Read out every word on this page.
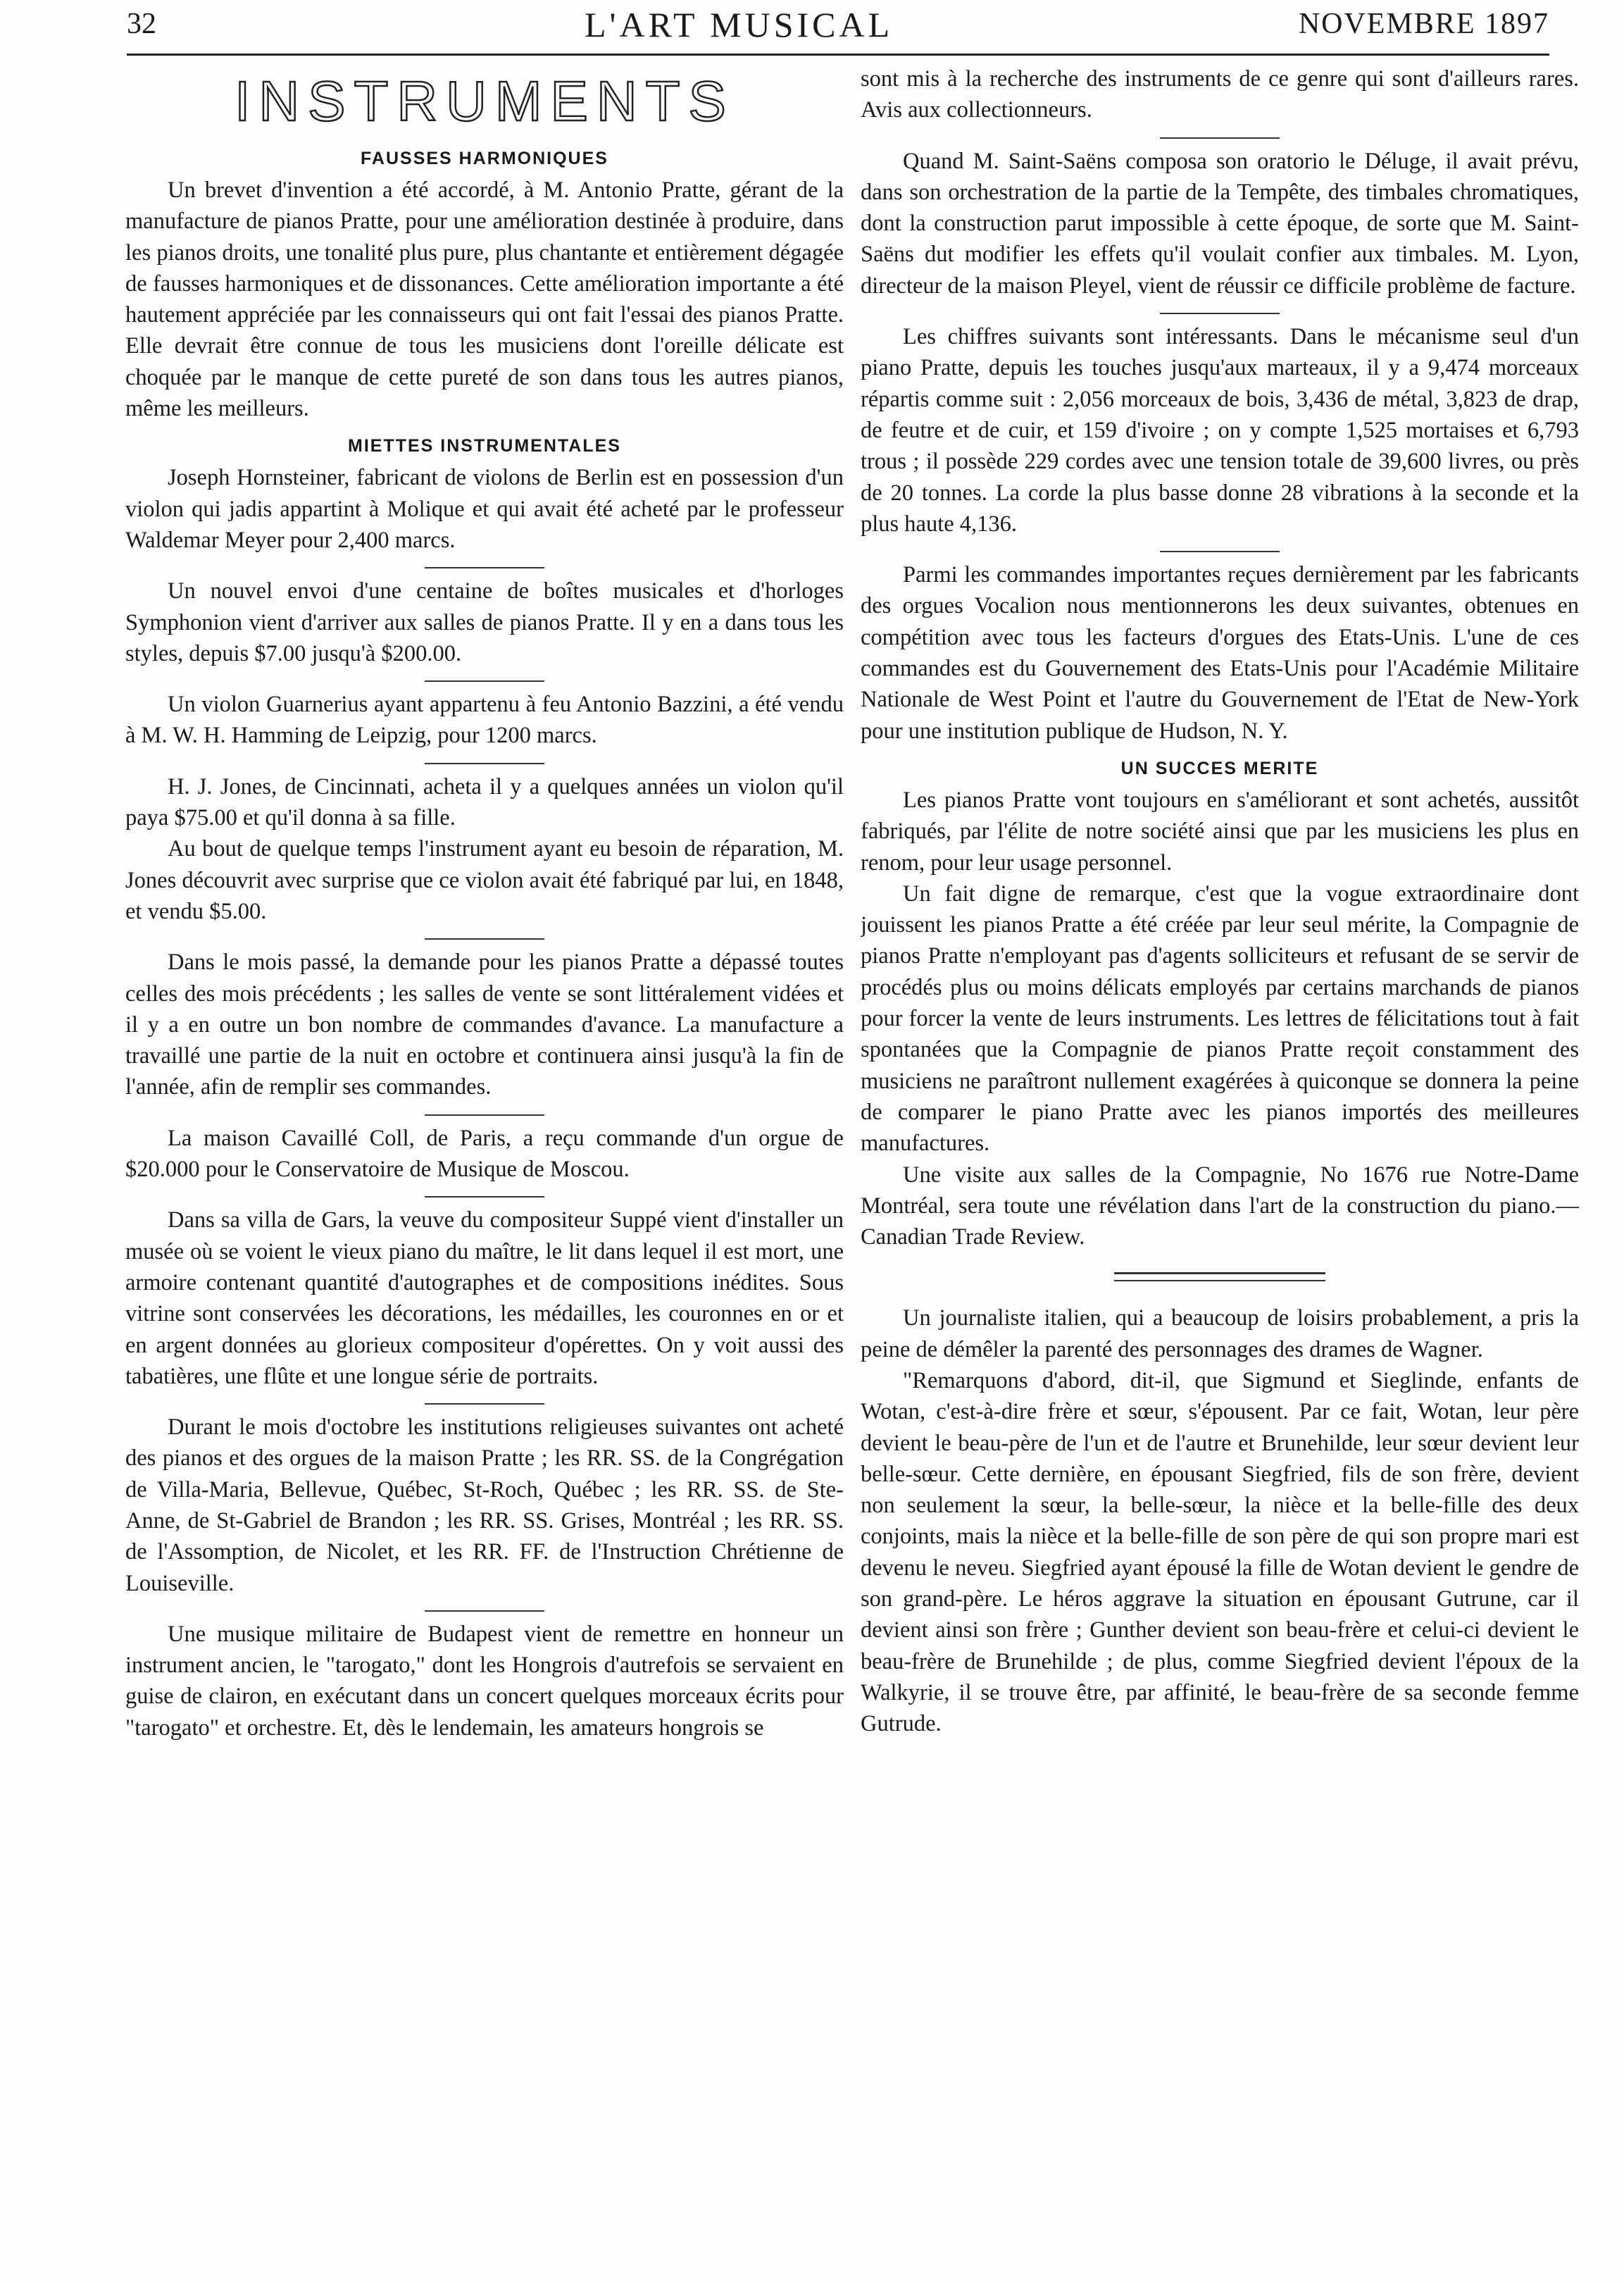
32	L'ART MUSICAL	NOVEMBRE 1897
INSTRUMENTS
FAUSSES HARMONIQUES

Un brevet d'invention a été accordé, à M. Antonio Pratte, gérant de la manufacture de pianos Pratte, pour une amélioration destinée à produire, dans les pianos droits, une tonalité plus pure, plus chantante et entièrement dégagée de fausses harmoniques et de dissonances. Cette amélioration importante a été hautement appréciée par les connaisseurs qui ont fait l'essai des pianos Pratte. Elle devrait être connue de tous les musiciens dont l'oreille délicate est choquée par le manque de cette pureté de son dans tous les autres pianos, même les meilleurs.

MIETTES INSTRUMENTALES

Joseph Hornsteiner, fabricant de violons de Berlin est en possession d'un violon qui jadis appartint à Molique et qui avait été acheté par le professeur Waldemar Meyer pour 2,400 marcs.

Un nouvel envoi d'une centaine de boîtes musicales et d'horloges Symphonion vient d'arriver aux salles de pianos Pratte. Il y en a dans tous les styles, depuis $7.00 jusqu'à $200.00.

Un violon Guarnerius ayant appartenu à feu Antonio Bazzini, a été vendu à M. W. H. Hamming de Leipzig, pour 1200 marcs.

H. J. Jones, de Cincinnati, acheta il y a quelques années un violon qu'il paya $75.00 et qu'il donna à sa fille.

Au bout de quelque temps l'instrument ayant eu besoin de réparation, M. Jones découvrit avec surprise que ce violon avait été fabriqué par lui, en 1848, et vendu $5.00.

Dans le mois passé, la demande pour les pianos Pratte a dépassé toutes celles des mois précédents ; les salles de vente se sont littéralement vidées et il y a en outre un bon nombre de commandes d'avance. La manufacture a travaillé une partie de la nuit en octobre et continuera ainsi jusqu'à la fin de l'année, afin de remplir ses commandes.

La maison Cavaillé Coll, de Paris, a reçu commande d'un orgue de $20.000 pour le Conservatoire de Musique de Moscou.

Dans sa villa de Gars, la veuve du compositeur Suppé vient d'installer un musée où se voient le vieux piano du maître, le lit dans lequel il est mort, une armoire contenant quantité d'autographes et de compositions inédites. Sous vitrine sont conservées les décorations, les médailles, les couronnes en or et en argent données au glorieux compositeur d'opérettes. On y voit aussi des tabatières, une flûte et une longue série de portraits.

Durant le mois d'octobre les institutions religieuses suivantes ont acheté des pianos et des orgues de la maison Pratte ; les RR. SS. de la Congrégation de Villa-Maria, Bellevue, Québec, St-Roch, Québec ; les RR. SS. de Ste-Anne, de St-Gabriel de Brandon ; les RR. SS. Grises, Montréal ; les RR. SS. de l'Assomption, de Nicolet, et les RR. FF. de l'Instruction Chrétienne de Louiseville.

Une musique militaire de Budapest vient de remettre en honneur un instrument ancien, le "tarogato," dont les Hongrois d'autrefois se servaient en guise de clairon, en exécutant dans un concert quelques morceaux écrits pour "tarogato" et orchestre. Et, dès le lendemain, les amateurs hongrois se

sont mis à la recherche des instruments de ce genre qui sont d'ailleurs rares. Avis aux collectionneurs.

Quand M. Saint-Saëns composa son oratorio le Déluge, il avait prévu, dans son orchestration de la partie de la Tempête, des timbales chromatiques, dont la construction parut impossible à cette époque, de sorte que M. Saint-Saëns dut modifier les effets qu'il voulait confier aux timbales. M. Lyon, directeur de la maison Pleyel, vient de réussir ce difficile problème de facture.

Les chiffres suivants sont intéressants. Dans le mécanisme seul d'un piano Pratte, depuis les touches jusqu'aux marteaux, il y a 9,474 morceaux répartis comme suit : 2,056 morceaux de bois, 3,436 de métal, 3,823 de drap, de feutre et de cuir, et 159 d'ivoire ; on y compte 1,525 mortaises et 6,793 trous ; il possède 229 cordes avec une tension totale de 39,600 livres, ou près de 20 tonnes. La corde la plus basse donne 28 vibrations à la seconde et la plus haute 4,136.

Parmi les commandes importantes reçues dernièrement par les fabricants des orgues Vocalion nous mentionnerons les deux suivantes, obtenues en compétition avec tous les facteurs d'orgues des Etats-Unis. L'une de ces commandes est du Gouvernement des Etats-Unis pour l'Académie Militaire Nationale de West Point et l'autre du Gouvernement de l'Etat de New-York pour une institution publique de Hudson, N. Y.

UN SUCCES MERITE

Les pianos Pratte vont toujours en s'améliorant et sont achetés, aussitôt fabriqués, par l'élite de notre société ainsi que par les musiciens les plus en renom, pour leur usage personnel.

Un fait digne de remarque, c'est que la vogue extraordinaire dont jouissent les pianos Pratte a été créée par leur seul mérite, la Compagnie de pianos Pratte n'employant pas d'agents solliciteurs et refusant de se servir de procédés plus ou moins délicats employés par certains marchands de pianos pour forcer la vente de leurs instruments. Les lettres de félicitations tout à fait spontanées que la Compagnie de pianos Pratte reçoit constamment des musiciens ne paraîtront nullement exagérées à quiconque se donnera la peine de comparer le piano Pratte avec les pianos importés des meilleures manufactures.

Une visite aux salles de la Compagnie, No 1676 rue Notre-Dame Montréal, sera toute une révélation dans l'art de la construction du piano.—Canadian Trade Review.

Un journaliste italien, qui a beaucoup de loisirs probablement, a pris la peine de démêler la parenté des personnages des drames de Wagner.

"Remarquons d'abord, dit-il, que Sigmund et Sieglinde, enfants de Wotan, c'est-à-dire frère et sœur, s'épousent. Par ce fait, Wotan, leur père devient le beau-père de l'un et de l'autre et Brunehilde, leur sœur devient leur belle-sœur. Cette dernière, en épousant Siegfried, fils de son frère, devient non seulement la sœur, la belle-sœur, la nièce et la belle-fille des deux conjoints, mais la nièce et la belle-fille de son père de qui son propre mari est devenu le neveu. Siegfried ayant épousé la fille de Wotan devient le gendre de son grand-père. Le héros aggrave la situation en épousant Gutrune, car il devient ainsi son frère ; Gunther devient son beau-frère et celui-ci devient le beau-frère de Brunehilde ; de plus, comme Siegfried devient l'époux de la Walkyrie, il se trouve être, par affinité, le beau-frère de sa seconde femme Gutrude.
